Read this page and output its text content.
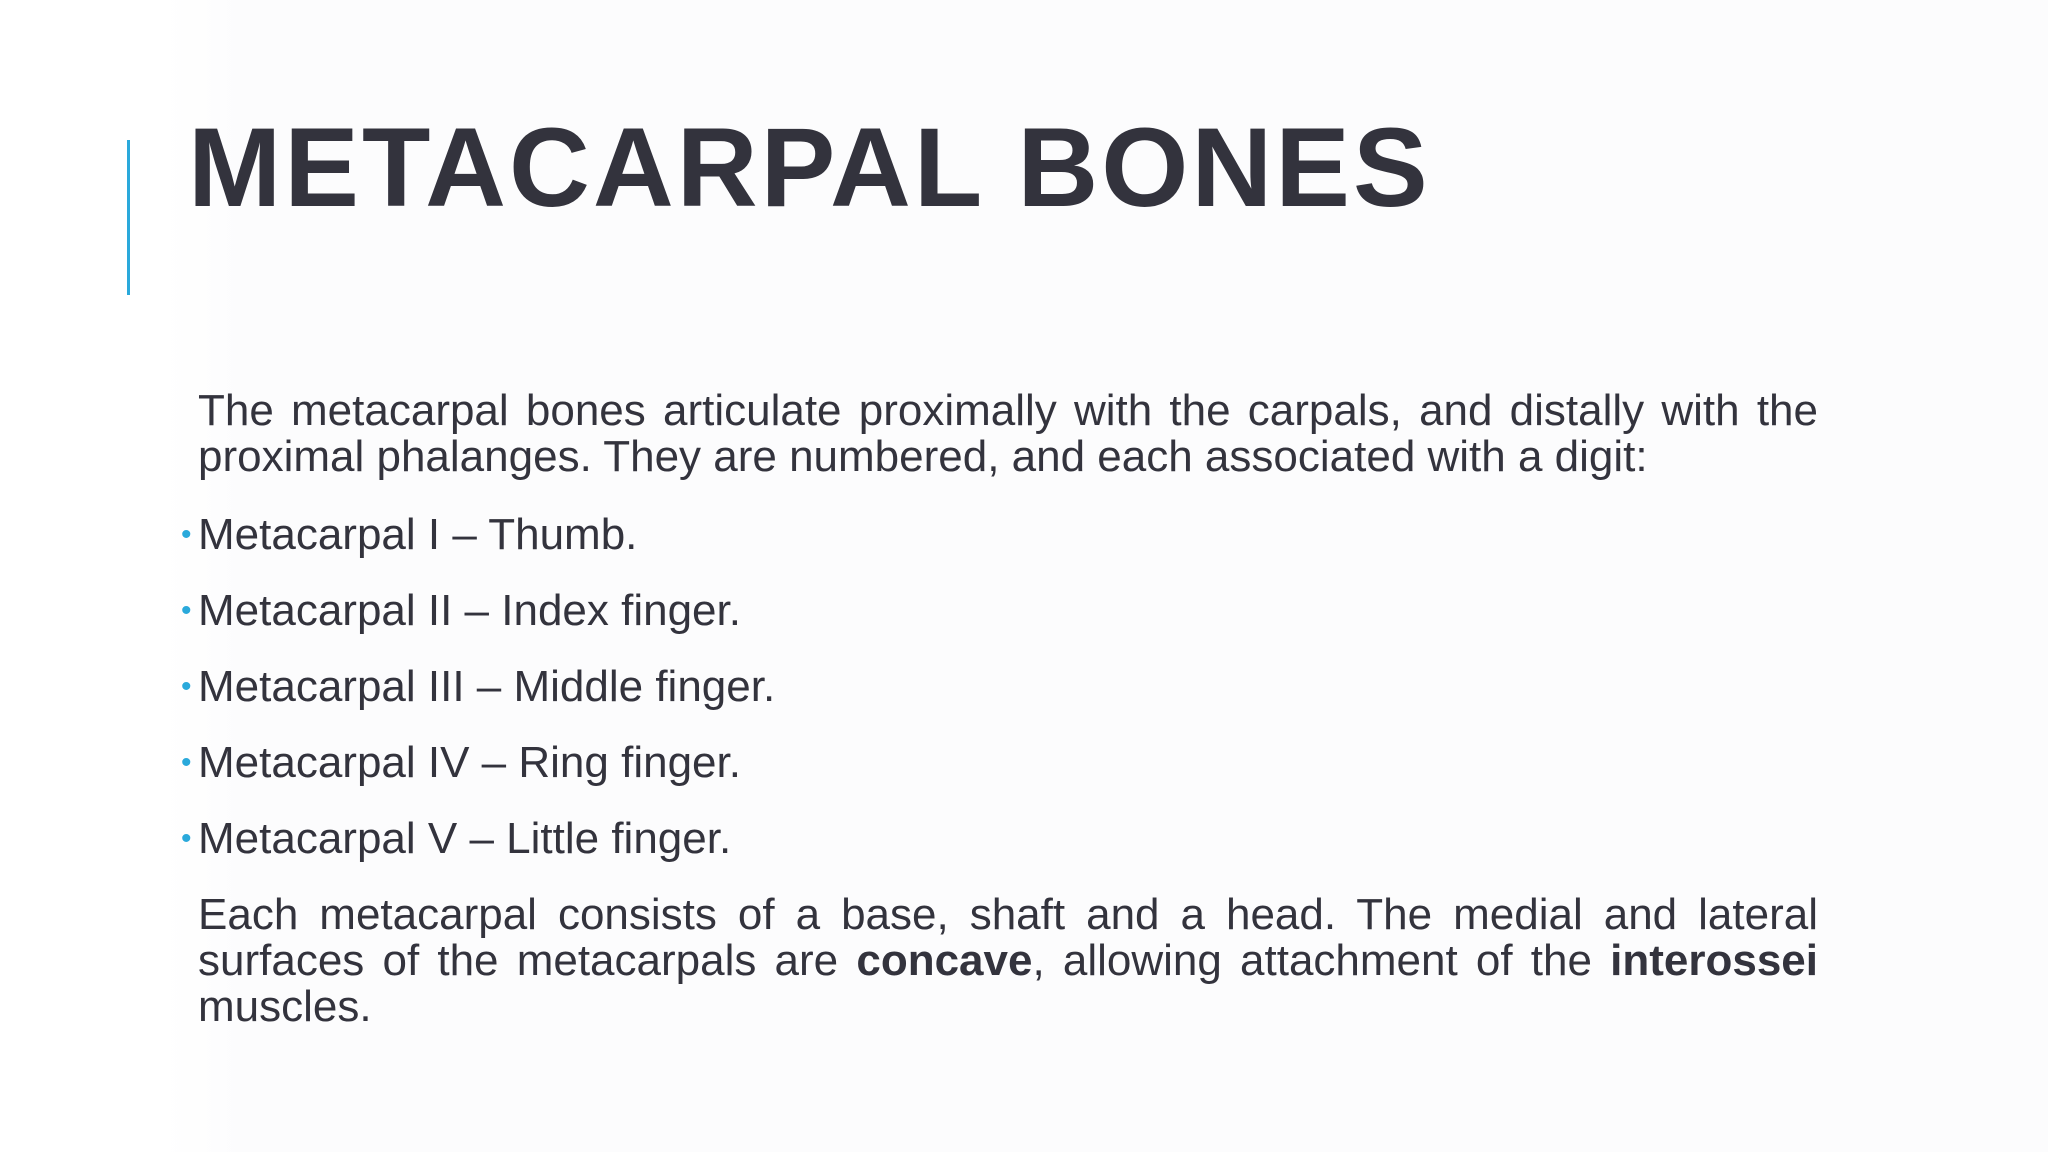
METACARPAL BONES

The metacarpal bones articulate proximally with the carpals, and distally with the proximal phalanges. They are numbered, and each associated with a digit:

• Metacarpal I – Thumb.
• Metacarpal II – Index finger.
• Metacarpal III – Middle finger.
• Metacarpal IV – Ring finger.
• Metacarpal V – Little finger.

Each metacarpal consists of a base, shaft and a head. The medial and lateral surfaces of the metacarpals are concave, allowing attachment of the interossei muscles.
